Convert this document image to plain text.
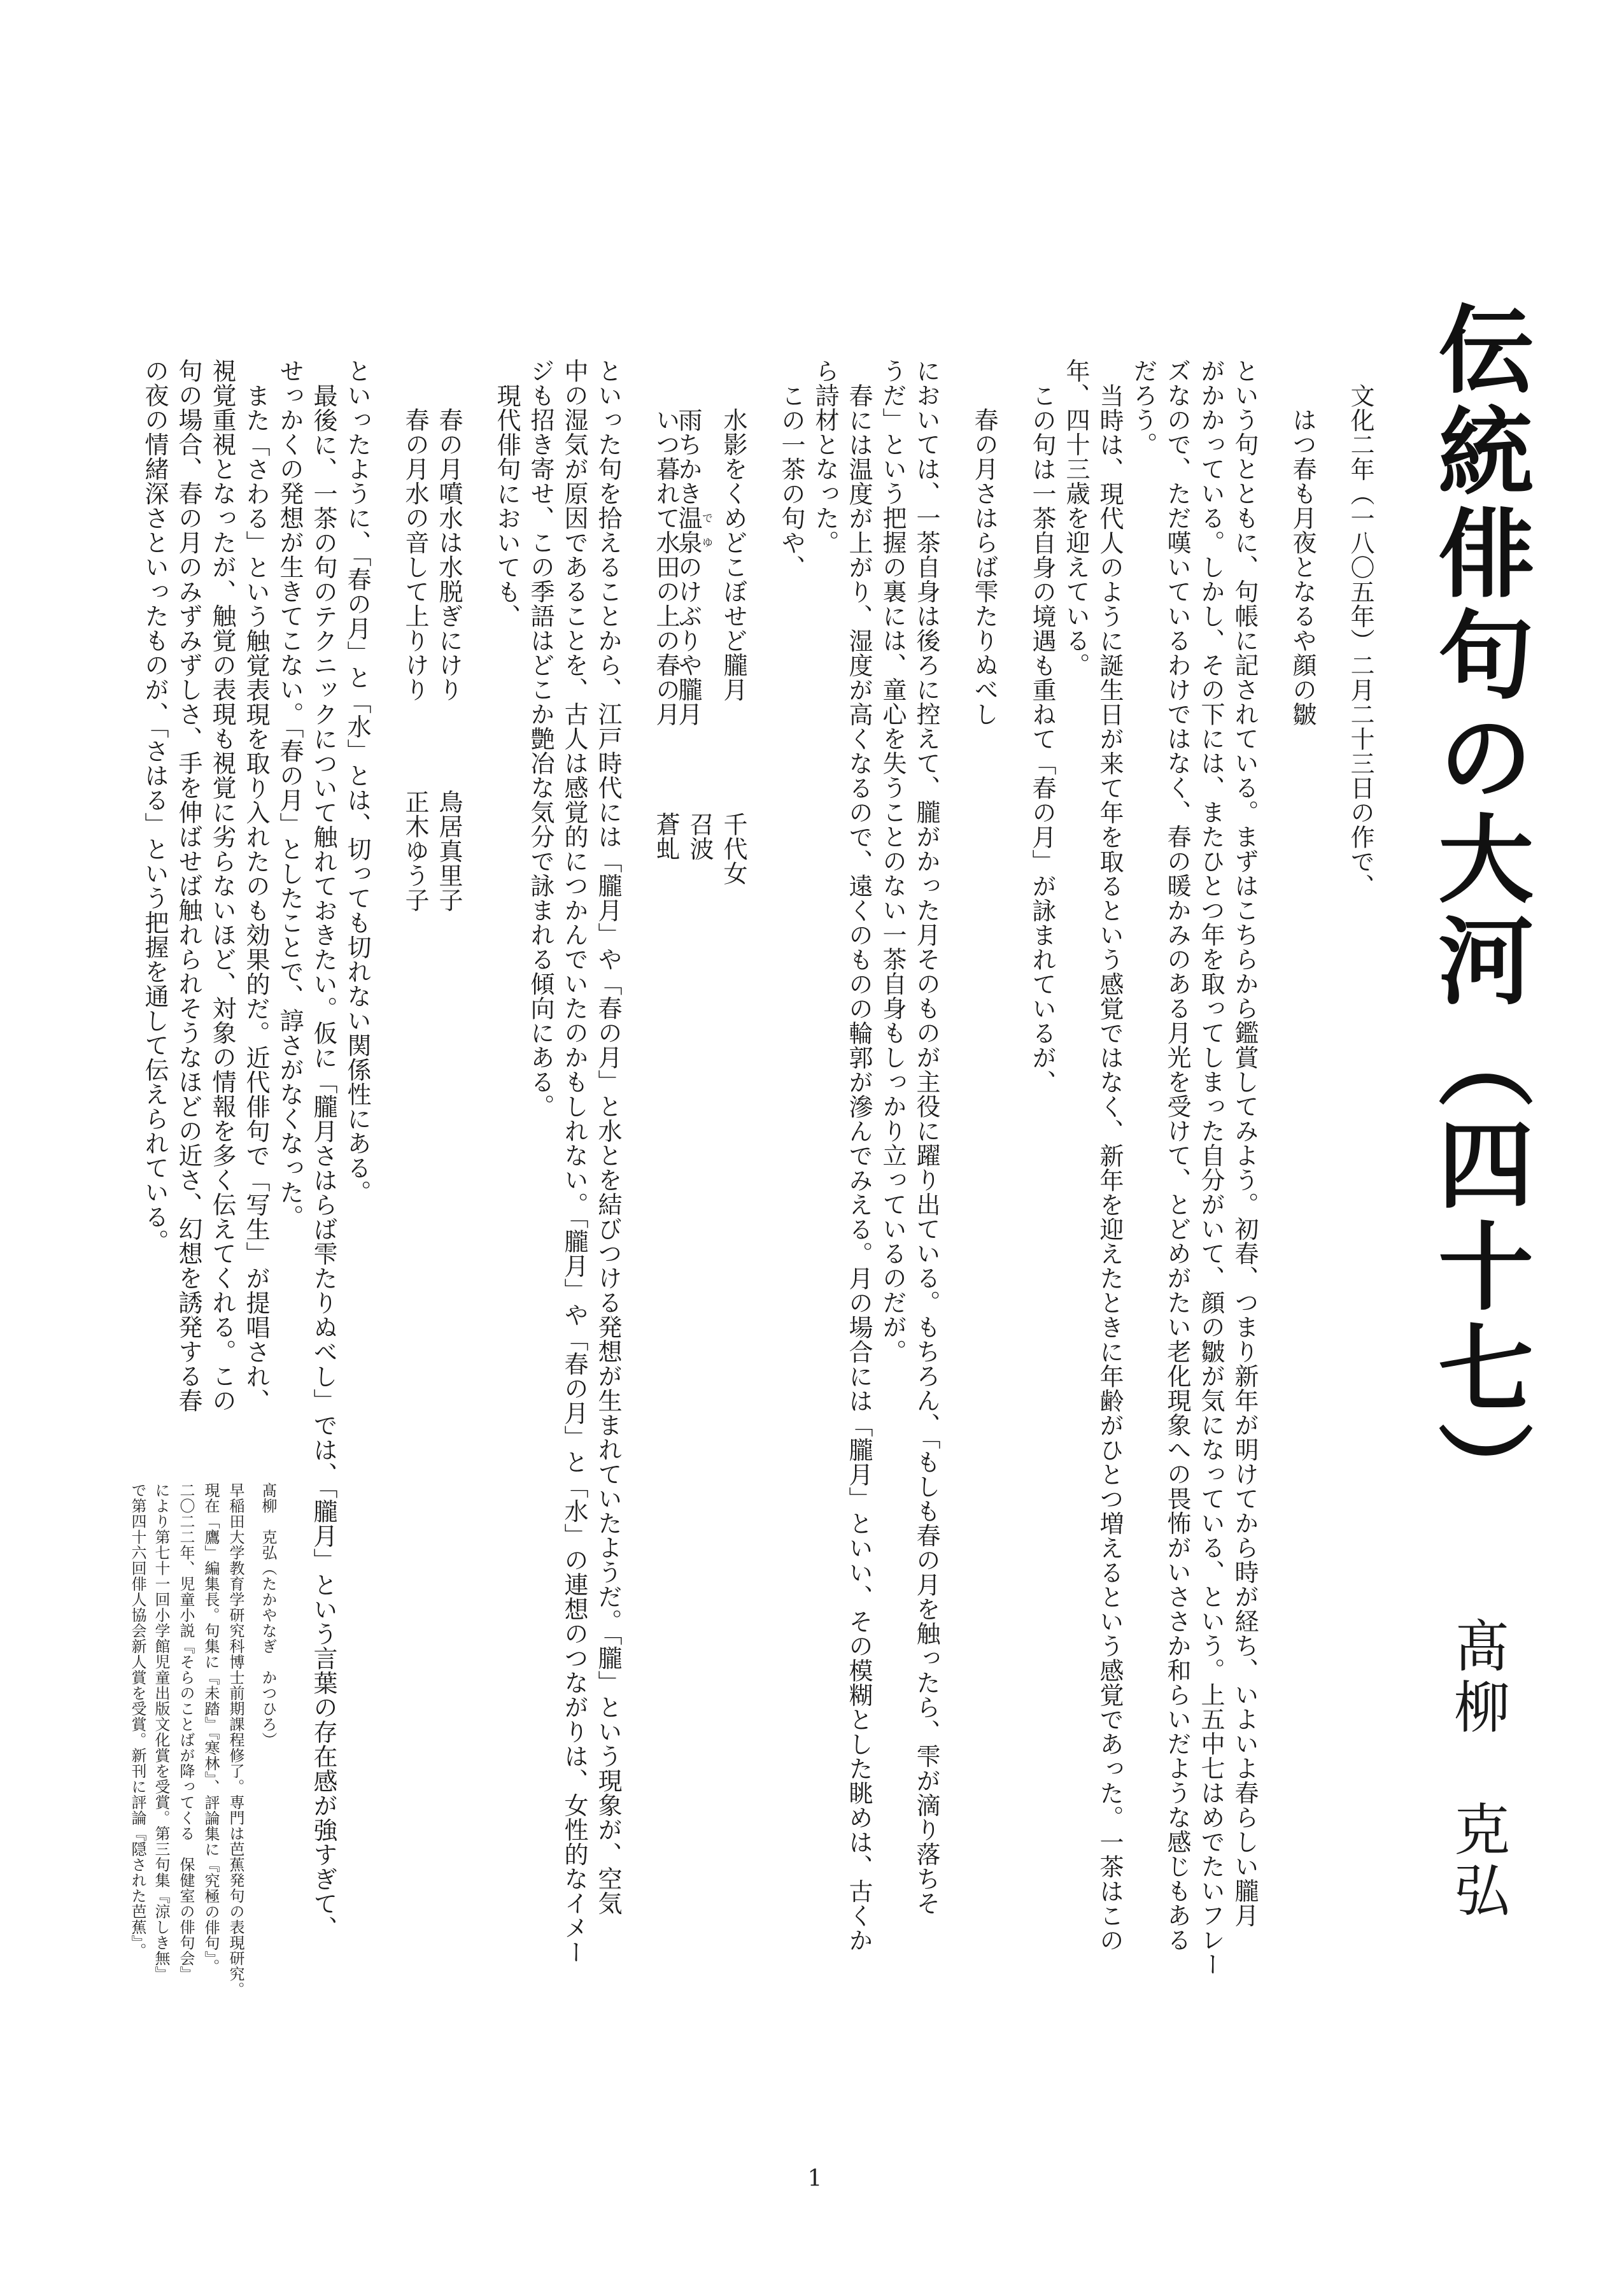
伝統俳句の大河（四十七）
髙柳　克弘
文化二年（一八〇五年）二月二十三日の作で、
はつ春も月夜となるや顔の皺
という句とともに、句帳に記されている。まずはこちらから鑑賞してみよう。初春、つまり新年が明けてから時が経ち、いよいよ春らしい朧月
がかかっている。しかし、その下には、またひとつ年を取ってしまった自分がいて、顔の皺が気になっている、という。上五中七はめでたいフレー
ズなので、ただ嘆いているわけではなく、春の暖かみのある月光を受けて、とどめがたい老化現象への畏怖がいささか和らいだような感じもある
だろう。
当時は、現代人のように誕生日が来て年を取るという感覚ではなく、新年を迎えたときに年齢がひとつ増えるという感覚であった。一茶はこの
年、四十三歳を迎えている。
この句は一茶自身の境遇も重ねて「春の月」が詠まれているが、
春の月さはらば雫たりぬべし
においては、一茶自身は後ろに控えて、朧がかった月そのものが主役に躍り出ている。もちろん、「もしも春の月を触ったら、雫が滴り落ちそ
うだ」という把握の裏には、童心を失うことのない一茶自身もしっかり立っているのだが。
春には温度が上がり、湿度が高くなるので、遠くのものの輪郭が滲んでみえる。月の場合には「朧月」といい、その模糊とした眺めは、古くか
ら詩材となった。
この一茶の句や、
水影をくめどこぼせど朧月
千代女
雨ちかき温泉でゆのけぶりや朧月
召波
いつ暮れて水田の上の春の月
蒼虬
といった句を拾えることから、江戸時代には「朧月」や「春の月」と水とを結びつける発想が生まれていたようだ。「朧」という現象が、空気
中の湿気が原因であることを、古人は感覚的につかんでいたのかもしれない。「朧月」や「春の月」と「水」の連想のつながりは、女性的なイメー
ジも招き寄せ、この季語はどこか艶冶な気分で詠まれる傾向にある。
現代俳句においても、
春の月噴水は水脱ぎにけり
鳥居真里子
春の月水の音して上りけり
正木ゆう子
といったように、「春の月」と「水」とは、切っても切れない関係性にある。
最後に、一茶の句のテクニックについて触れておきたい。仮に「朧月さはらば雫たりぬべし」では、「朧月」という言葉の存在感が強すぎて、
せっかくの発想が生きてこない。「春の月」としたことで、諄さがなくなった。
また「さわる」という触覚表現を取り入れたのも効果的だ。近代俳句で「写生」が提唱され、
視覚重視となったが、触覚の表現も視覚に劣らないほど、対象の情報を多く伝えてくれる。この
句の場合、春の月のみずみずしさ、手を伸ばせば触れられそうなほどの近さ、幻想を誘発する春
の夜の情緒深さといったものが、「さはる」という把握を通して伝えられている。
髙柳　克弘（たかやなぎ　かつひろ）
早稲田大学教育学研究科博士前期課程修了。専門は芭蕉発句の表現研究。
現在「鷹」編集長。句集に『未踏』『寒林』、評論集に『究極の俳句』。
二〇二二年、児童小説『そらのことばが降ってくる　保健室の俳句会』
により第七十一回小学館児童出版文化賞を受賞。第三句集『涼しき無』
で第四十六回俳人協会新人賞を受賞。新刊に評論『隠された芭蕉』。
1
